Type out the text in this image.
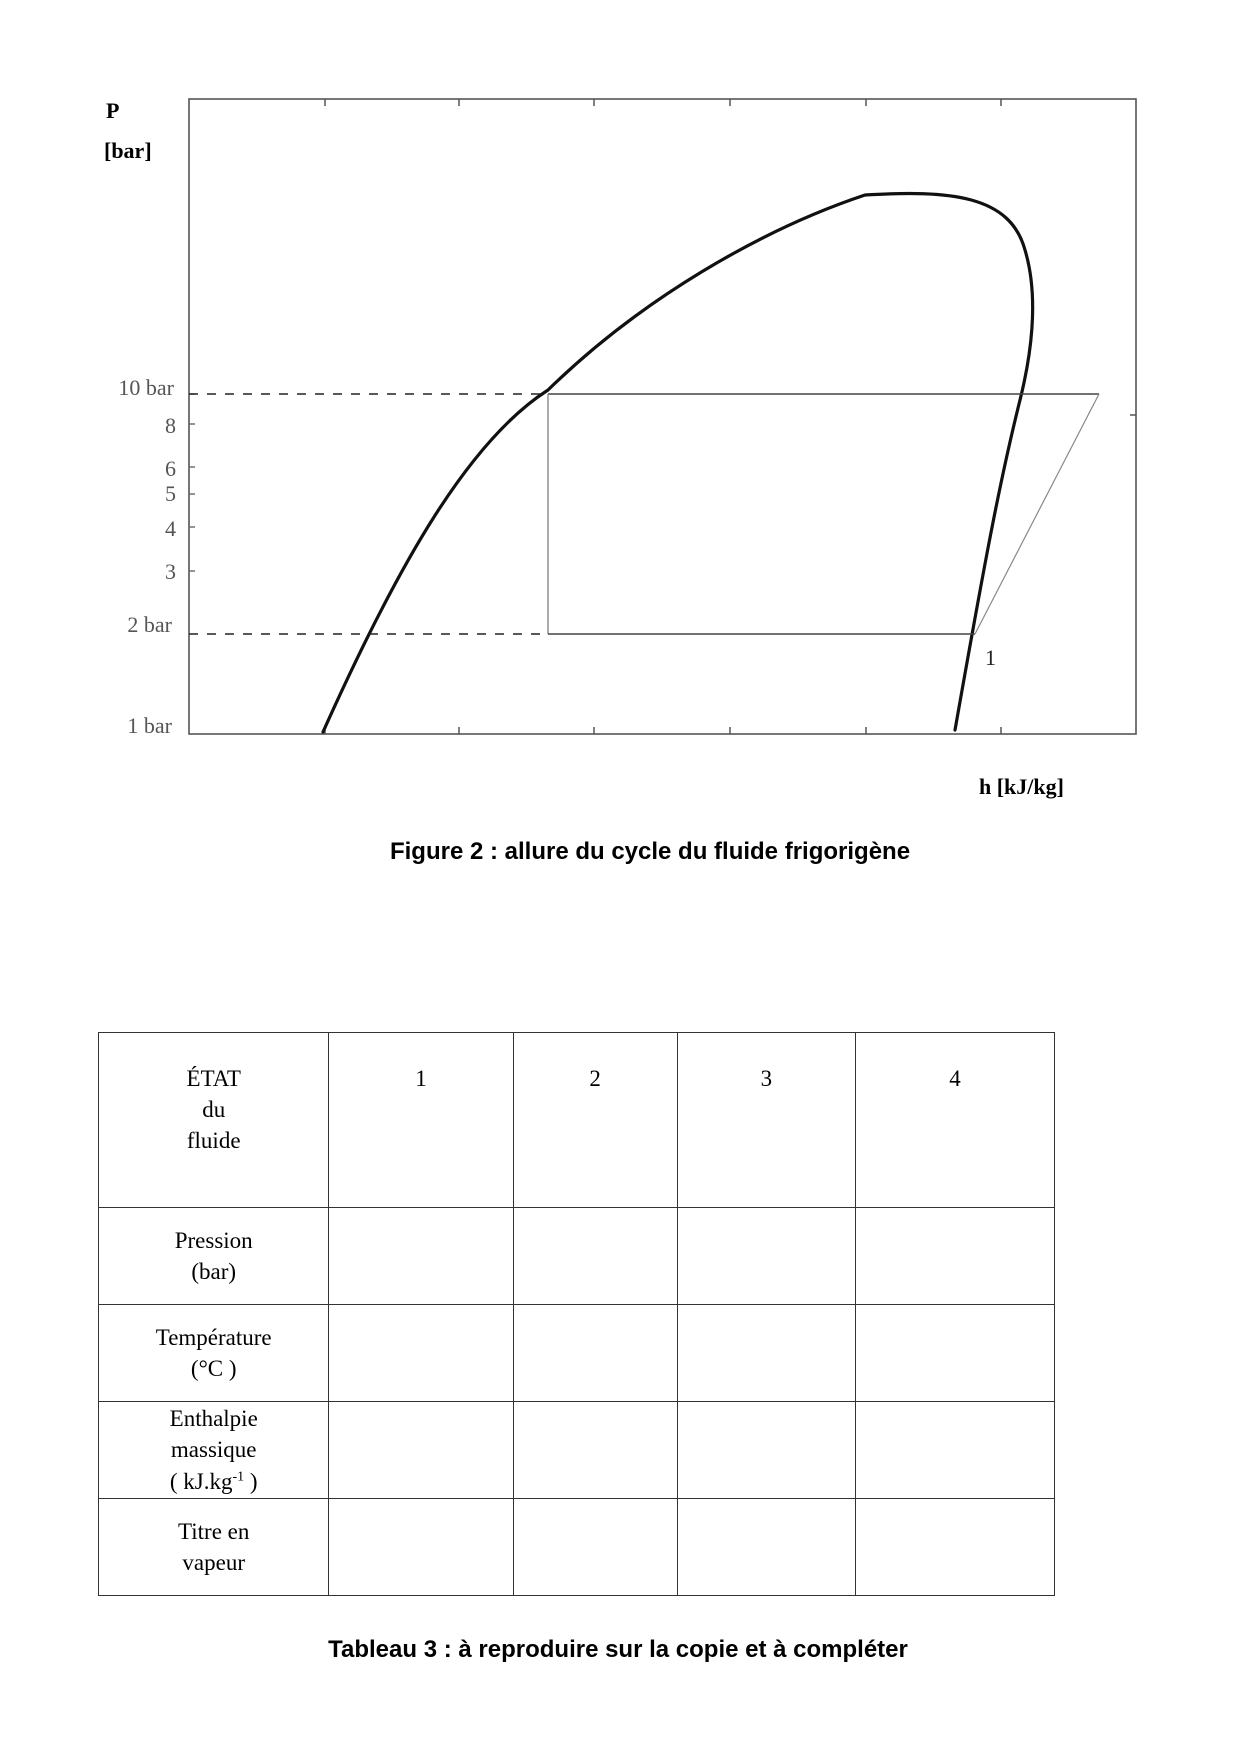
P
[bar]
h [kJ/kg]
10 bar
8
6
5
4
3
2 bar
1 bar
1
Figure 2 : allure du cycle du fluide frigorigène
ÉTAT
du
fluide	1	2	3	4

Pression
(bar)				

Température
(°C )				

Enthalpie
massique
( $kJ.kg^{-1}$ )				

Titre en
vapeur				

Tableau 3 : à reproduire sur la copie et à compléter
